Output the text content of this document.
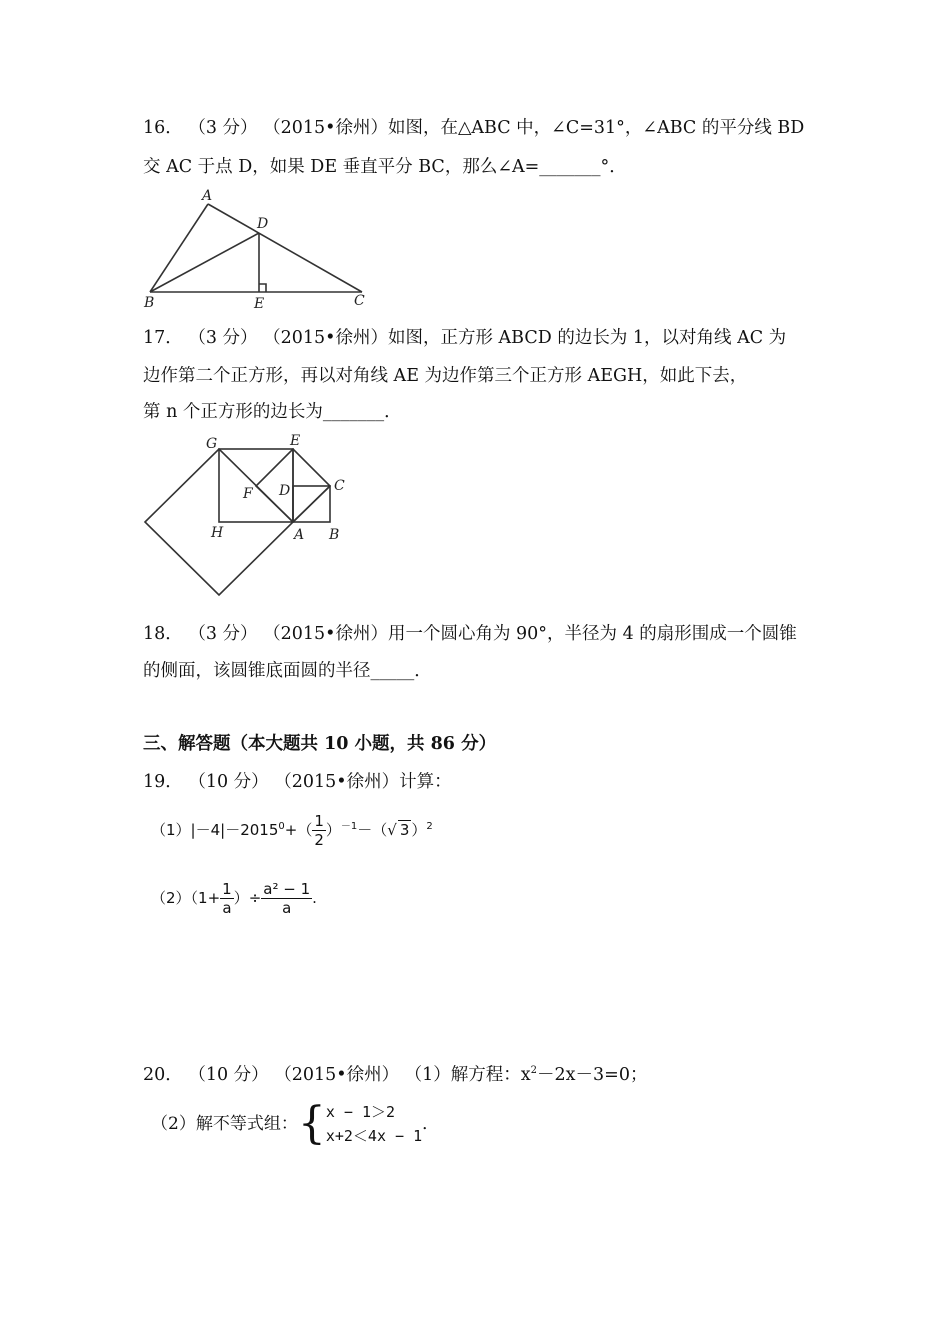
16． （3 分） （2015•徐州）如图，在△ABC 中，∠C=31°，∠ABC 的平分线 BD
交 AC 于点 D，如果 DE 垂直平分 BC，那么∠A=_______°．
A
D
B	E	C
17． （3 分） （2015•徐州）如图，正方形 ABCD 的边长为 1，以对角线 AC 为
边作第二个正方形，再以对角线 AE 为边作第三个正方形 AEGH，如此下去，
第 n 个正方形的边长为_______．
G	E
F D	C
H	A B
18． （3 分） （2015•徐州）用一个圆心角为 90°，半径为 4 的扇形围成一个圆锥
的侧面，该圆锥底面圆的半径_____．
三、解答题（本大题共 10 小题，共 86 分）
19． （10 分） （2015•徐州）计算：
$(1)|-4|-2015^0+( \frac{1}{2} )^{-1}-(√$ 3 ）$^2$
$(2)(1+ \frac{1}{a}$ ）÷ $\frac{\text{a² − 1}}{a}$ .
20． （10 分） （2015•徐州） （1）解方程：$x^2-2x-3=0$；
（2）解不等式组：{ x − 1＞2
x+2＜4x − 1
．
